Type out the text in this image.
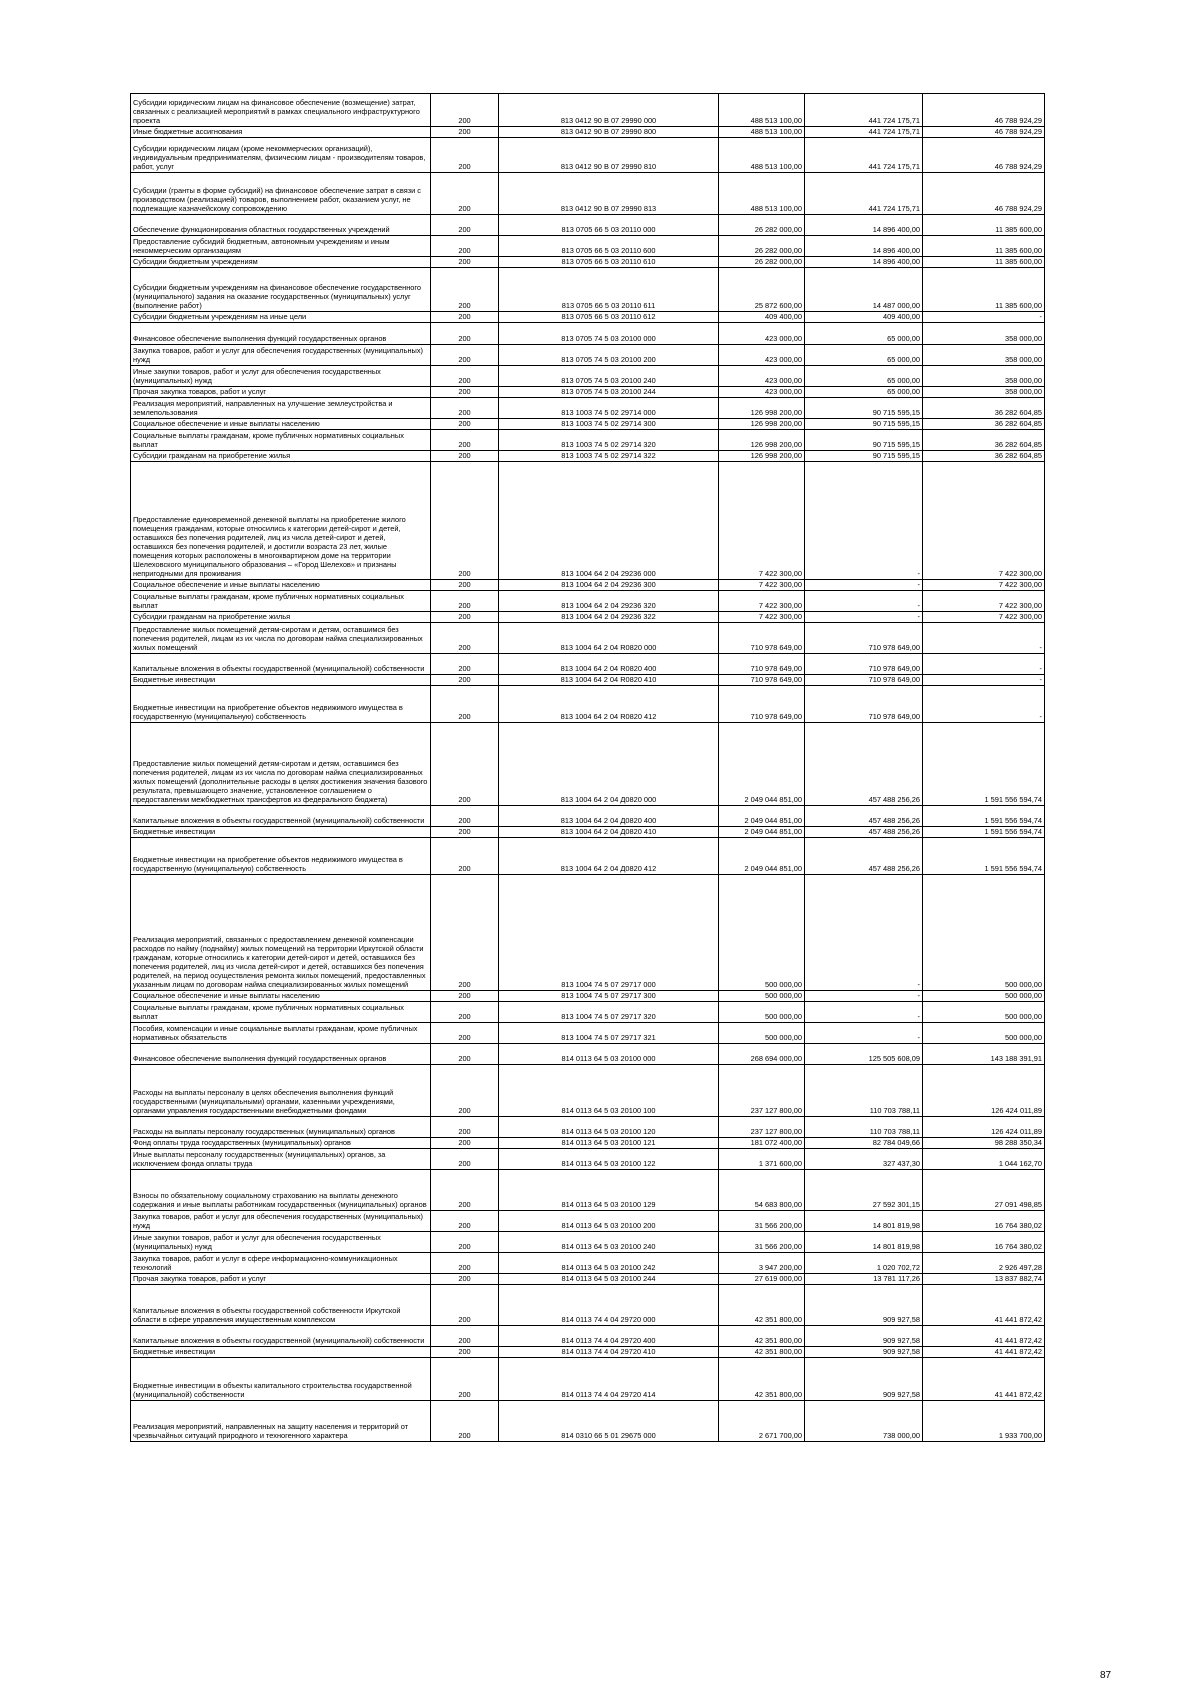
Субсидии юридическим лицам на финансовое обеспечение (возмещение) затрат, связанных с реализацией мероприятий в рамках специального инфраструктурного проекта	200	813 0412 90 В 07 29990 000	488 513 100,00	441 724 175,71	46 788 924,29
Иные бюджетные ассигнования	200	813 0412 90 В 07 29990 800	488 513 100,00	441 724 175,71	46 788 924,29
Субсидии юридическим лицам (кроме некоммерческих организаций), индивидуальным предпринимателям, физическим лицам - производителям товаров, работ, услуг	200	813 0412 90 В 07 29990 810	488 513 100,00	441 724 175,71	46 788 924,29
Субсидии (гранты в форме субсидий) на финансовое обеспечение затрат в связи с производством (реализацией) товаров, выполнением работ, оказанием услуг, не подлежащие казначейскому сопровождению	200	813 0412 90 В 07 29990 813	488 513 100,00	441 724 175,71	46 788 924,29
Обеспечение функционирования областных государственных учреждений	200	813 0705 66 5 03 20110 000	26 282 000,00	14 896 400,00	11 385 600,00
Предоставление субсидий бюджетным, автономным учреждениям и иным некоммерческим организациям	200	813 0705 66 5 03 20110 600	26 282 000,00	14 896 400,00	11 385 600,00
Субсидии бюджетным учреждениям	200	813 0705 66 5 03 20110 610	26 282 000,00	14 896 400,00	11 385 600,00
Субсидии бюджетным учреждениям на финансовое обеспечение государственного (муниципального) задания на оказание государственных (муниципальных) услуг (выполнение работ)	200	813 0705 66 5 03 20110 611	25 872 600,00	14 487 000,00	11 385 600,00
Субсидии бюджетным учреждениям на иные цели	200	813 0705 66 5 03 20110 612	409 400,00	409 400,00	-
Финансовое обеспечение выполнения функций государственных органов	200	813 0705 74 5 03 20100 000	423 000,00	65 000,00	358 000,00
Закупка товаров, работ и услуг для обеспечения государственных (муниципальных) нужд	200	813 0705 74 5 03 20100 200	423 000,00	65 000,00	358 000,00
Иные закупки товаров, работ и услуг для обеспечения государственных (муниципальных) нужд	200	813 0705 74 5 03 20100 240	423 000,00	65 000,00	358 000,00
Прочая закупка товаров, работ и услуг	200	813 0705 74 5 03 20100 244	423 000,00	65 000,00	358 000,00
Реализация мероприятий, направленных на улучшение землеустройства и землепользования	200	813 1003 74 5 02 29714 000	126 998 200,00	90 715 595,15	36 282 604,85
Социальное обеспечение и иные выплаты населению	200	813 1003 74 5 02 29714 300	126 998 200,00	90 715 595,15	36 282 604,85
Социальные выплаты гражданам, кроме публичных нормативных социальных выплат	200	813 1003 74 5 02 29714 320	126 998 200,00	90 715 595,15	36 282 604,85
Субсидии гражданам на приобретение жилья	200	813 1003 74 5 02 29714 322	126 998 200,00	90 715 595,15	36 282 604,85
Предоставление единовременной денежной выплаты на приобретение жилого помещения гражданам, которые относились к категории детей-сирот и детей, оставшихся без попечения родителей, лиц из числа детей-сирот и детей, оставшихся без попечения родителей, и достигли возраста 23 лет, жилые помещения которых расположены в многоквартирном доме на территории Шелеховского муниципального образования – «Город Шелехов» и признаны непригодными для проживания	200	813 1004 64 2 04 29236 000	7 422 300,00	-	7 422 300,00
Социальное обеспечение и иные выплаты населению	200	813 1004 64 2 04 29236 300	7 422 300,00	-	7 422 300,00
Социальные выплаты гражданам, кроме публичных нормативных социальных выплат	200	813 1004 64 2 04 29236 320	7 422 300,00	-	7 422 300,00
Субсидии гражданам на приобретение жилья	200	813 1004 64 2 04 29236 322	7 422 300,00	-	7 422 300,00
Предоставление жилых помещений детям-сиротам и детям, оставшимся без попечения родителей, лицам из их числа по договорам найма специализированных жилых помещений	200	813 1004 64 2 04 R0820 000	710 978 649,00	710 978 649,00	-
Капитальные вложения в объекты государственной (муниципальной) собственности	200	813 1004 64 2 04 R0820 400	710 978 649,00	710 978 649,00	-
Бюджетные инвестиции	200	813 1004 64 2 04 R0820 410	710 978 649,00	710 978 649,00	-
Бюджетные инвестиции на приобретение объектов недвижимого имущества в государственную (муниципальную) собственность	200	813 1004 64 2 04 R0820 412	710 978 649,00	710 978 649,00	-
Предоставление жилых помещений детям-сиротам и детям, оставшимся без попечения родителей, лицам из их числа по договорам найма специализированных жилых помещений (дополнительные расходы в целях достижения значения базового результата, превышающего значение, установленное соглашением о предоставлении межбюджетных трансфертов из федерального бюджета)	200	813 1004 64 2 04 Д0820 000	2 049 044 851,00	457 488 256,26	1 591 556 594,74
Капитальные вложения в объекты государственной (муниципальной) собственности	200	813 1004 64 2 04 Д0820 400	2 049 044 851,00	457 488 256,26	1 591 556 594,74
Бюджетные инвестиции	200	813 1004 64 2 04 Д0820 410	2 049 044 851,00	457 488 256,26	1 591 556 594,74
Бюджетные инвестиции на приобретение объектов недвижимого имущества в государственную (муниципальную) собственность	200	813 1004 64 2 04 Д0820 412	2 049 044 851,00	457 488 256,26	1 591 556 594,74
Реализация мероприятий, связанных с предоставлением денежной компенсации расходов по найму (поднайму) жилых помещений на территории Иркутской области гражданам, которые относились к категории детей-сирот и детей, оставшихся без попечения родителей, лиц из числа детей-сирот и детей, оставшихся без попечения родителей, на период осуществления ремонта жилых помещений, предоставленных указанным лицам по договорам найма специализированных жилых помещений	200	813 1004 74 5 07 29717 000	500 000,00	-	500 000,00
Социальное обеспечение и иные выплаты населению	200	813 1004 74 5 07 29717 300	500 000,00	-	500 000,00
Социальные выплаты гражданам, кроме публичных нормативных социальных выплат	200	813 1004 74 5 07 29717 320	500 000,00	-	500 000,00
Пособия, компенсации и иные социальные выплаты гражданам, кроме публичных нормативных обязательств	200	813 1004 74 5 07 29717 321	500 000,00	-	500 000,00
Финансовое обеспечение выполнения функций государственных органов	200	814 0113 64 5 03 20100 000	268 694 000,00	125 505 608,09	143 188 391,91
Расходы на выплаты персоналу в целях обеспечения выполнения функций государственными (муниципальными) органами, казенными учреждениями, органами управления государственными внебюджетными фондами	200	814 0113 64 5 03 20100 100	237 127 800,00	110 703 788,11	126 424 011,89
Расходы на выплаты персоналу государственных (муниципальных) органов	200	814 0113 64 5 03 20100 120	237 127 800,00	110 703 788,11	126 424 011,89
Фонд оплаты труда государственных (муниципальных) органов	200	814 0113 64 5 03 20100 121	181 072 400,00	82 784 049,66	98 288 350,34
Иные выплаты персоналу государственных (муниципальных) органов, за исключением фонда оплаты труда	200	814 0113 64 5 03 20100 122	1 371 600,00	327 437,30	1 044 162,70
Взносы по обязательному социальному страхованию на выплаты денежного содержания и иные выплаты работникам государственных (муниципальных) органов	200	814 0113 64 5 03 20100 129	54 683 800,00	27 592 301,15	27 091 498,85
Закупка товаров, работ и услуг для обеспечения государственных (муниципальных) нужд	200	814 0113 64 5 03 20100 200	31 566 200,00	14 801 819,98	16 764 380,02
Иные закупки товаров, работ и услуг для обеспечения государственных (муниципальных) нужд	200	814 0113 64 5 03 20100 240	31 566 200,00	14 801 819,98	16 764 380,02
Закупка товаров, работ и услуг в сфере информационно-коммуникационных технологий	200	814 0113 64 5 03 20100 242	3 947 200,00	1 020 702,72	2 926 497,28
Прочая закупка товаров, работ и услуг	200	814 0113 64 5 03 20100 244	27 619 000,00	13 781 117,26	13 837 882,74
Капитальные вложения в объекты государственной собственности Иркутской области в сфере управления имущественным комплексом	200	814 0113 74 4 04 29720 000	42 351 800,00	909 927,58	41 441 872,42
Капитальные вложения в объекты государственной (муниципальной) собственности	200	814 0113 74 4 04 29720 400	42 351 800,00	909 927,58	41 441 872,42
Бюджетные инвестиции	200	814 0113 74 4 04 29720 410	42 351 800,00	909 927,58	41 441 872,42
Бюджетные инвестиции в объекты капитального строительства государственной (муниципальной) собственности	200	814 0113 74 4 04 29720 414	42 351 800,00	909 927,58	41 441 872,42
Реализация мероприятий, направленных на защиту населения и территорий от чрезвычайных ситуаций природного и техногенного характера	200	814 0310 66 5 01 29675 000	2 671 700,00	738 000,00	1 933 700,00
87
